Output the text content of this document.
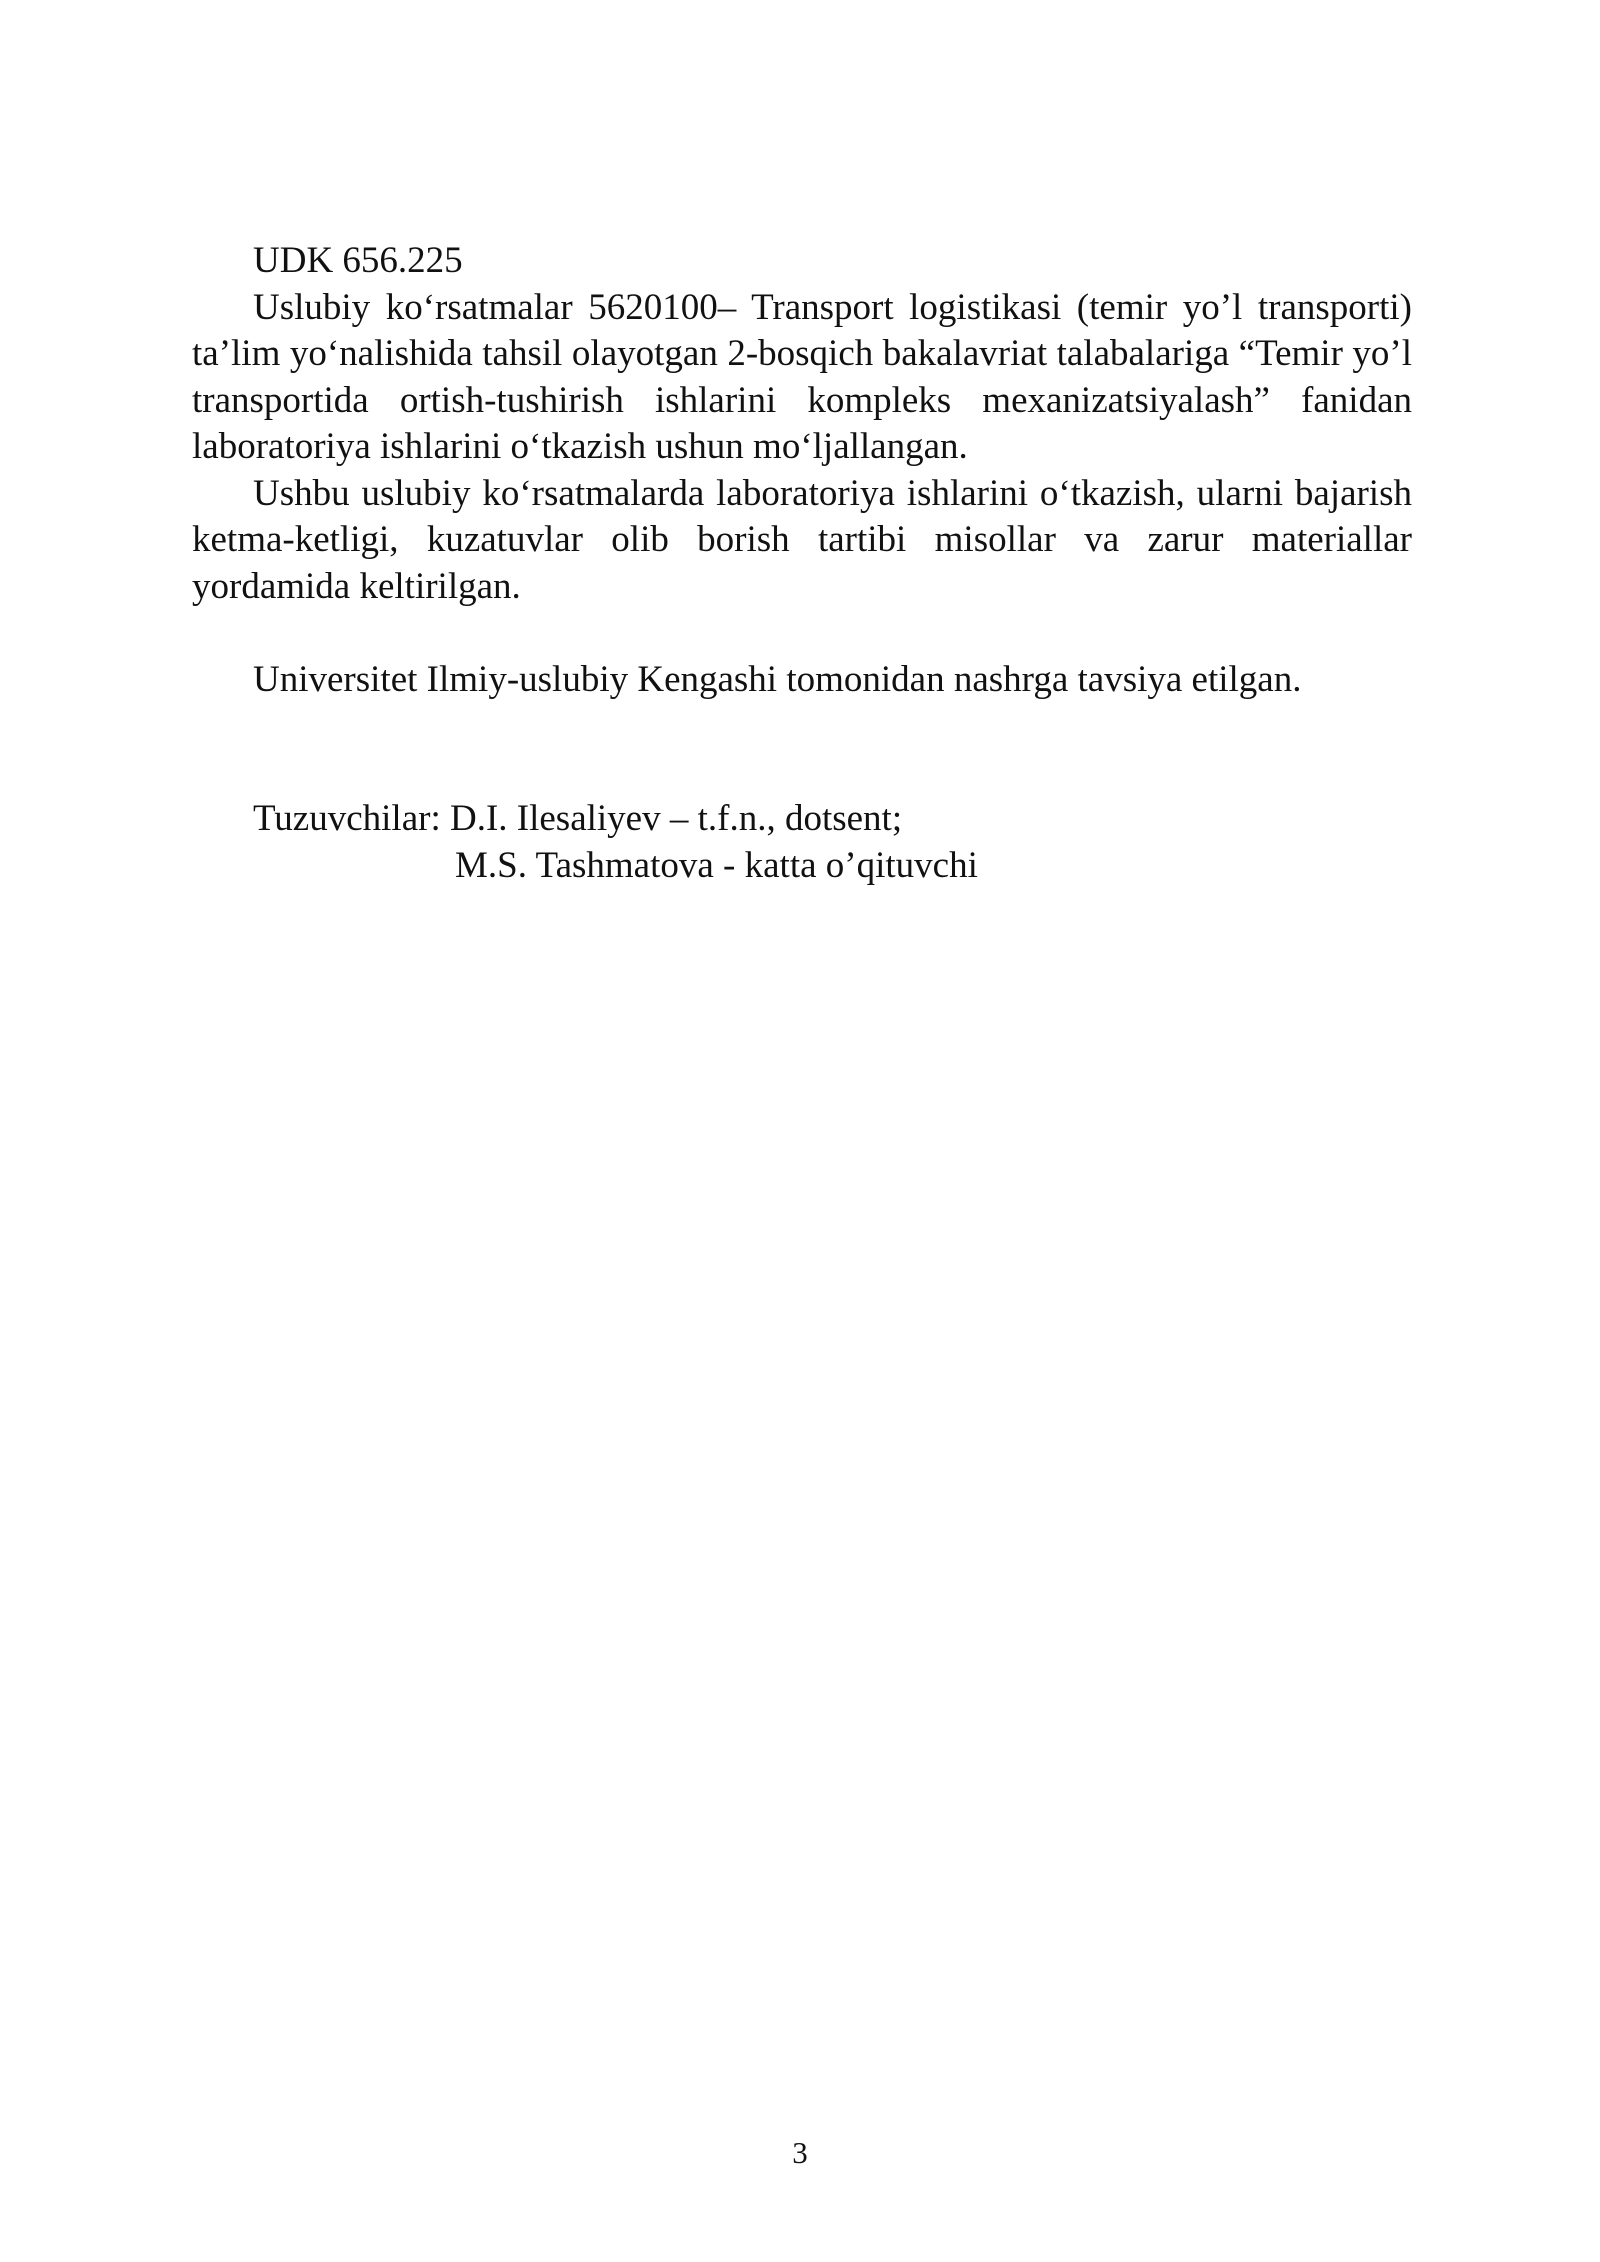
UDK 656.225

Uslubiy ko‘rsatmalar 5620100– Transport logistikasi (temir yo’l transporti) ta’lim yo‘nalishida tahsil olayotgan 2-bosqich bakalavriat talabalariga “Temir yo’l transportida ortish-tushirish ishlarini kompleks mexanizatsiyalash” fanidan laboratoriya ishlarini o‘tkazish ushun mo‘ljallangan.

Ushbu uslubiy ko‘rsatmalarda laboratoriya ishlarini o‘tkazish, ularni bajarish ketma-ketligi, kuzatuvlar olib borish tartibi misollar va zarur materiallar yordamida keltirilgan.

Universitet Ilmiy-uslubiy Kengashi tomonidan nashrga tavsiya etilgan.

Tuzuvchilar: D.I. Ilesaliyev – t.f.n., dotsent;
M.S. Tashmatova - katta o’qituvchi
3
